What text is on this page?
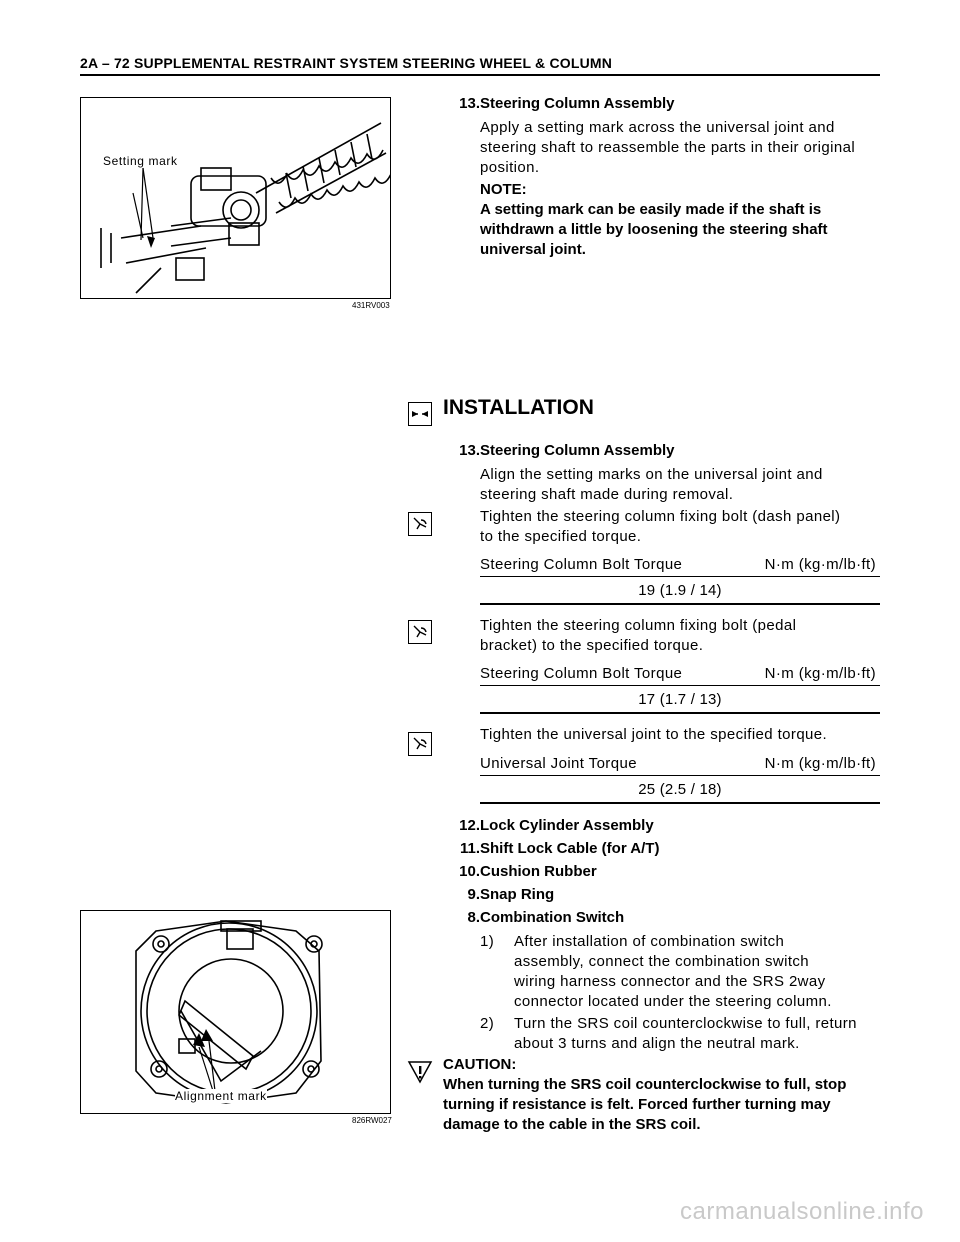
2A – 72 SUPPLEMENTAL RESTRAINT SYSTEM STEERING WHEEL & COLUMN
Setting mark
431RV003
13. Steering Column Assembly
Apply a setting mark across the universal joint and
steering shaft to reassemble the parts in their original
position.
NOTE:
A setting mark can be easily made if the shaft is
withdrawn a little by loosening the steering shaft
universal joint.
INSTALLATION
13. Steering Column Assembly
Align the setting marks on the universal joint and
steering shaft made during removal.
Tighten the steering column fixing bolt (dash panel)
to the specified torque.
Steering Column Bolt Torque	N·m (kg·m/lb·ft)
19 (1.9 / 14)
Tighten the steering column fixing bolt (pedal
bracket) to the specified torque.
Steering Column Bolt Torque	N·m (kg·m/lb·ft)
17 (1.7 / 13)
Tighten the universal joint to the specified torque.
Universal Joint Torque	N·m (kg·m/lb·ft)
25 (2.5 / 18)
12. Lock Cylinder Assembly
11. Shift Lock Cable (for A/T)
10. Cushion Rubber
9. Snap Ring
8. Combination Switch
1) After installation of combination switch
assembly, connect the combination switch
wiring harness connector and the SRS 2way
connector located under the steering column.
2) Turn the SRS coil counterclockwise to full, return
about 3 turns and align the neutral mark.
CAUTION:
When turning the SRS coil counterclockwise to full, stop
turning if resistance is felt. Forced further turning may
damage to the cable in the SRS coil.
Alignment mark
826RW027
carmanualsonline.info
